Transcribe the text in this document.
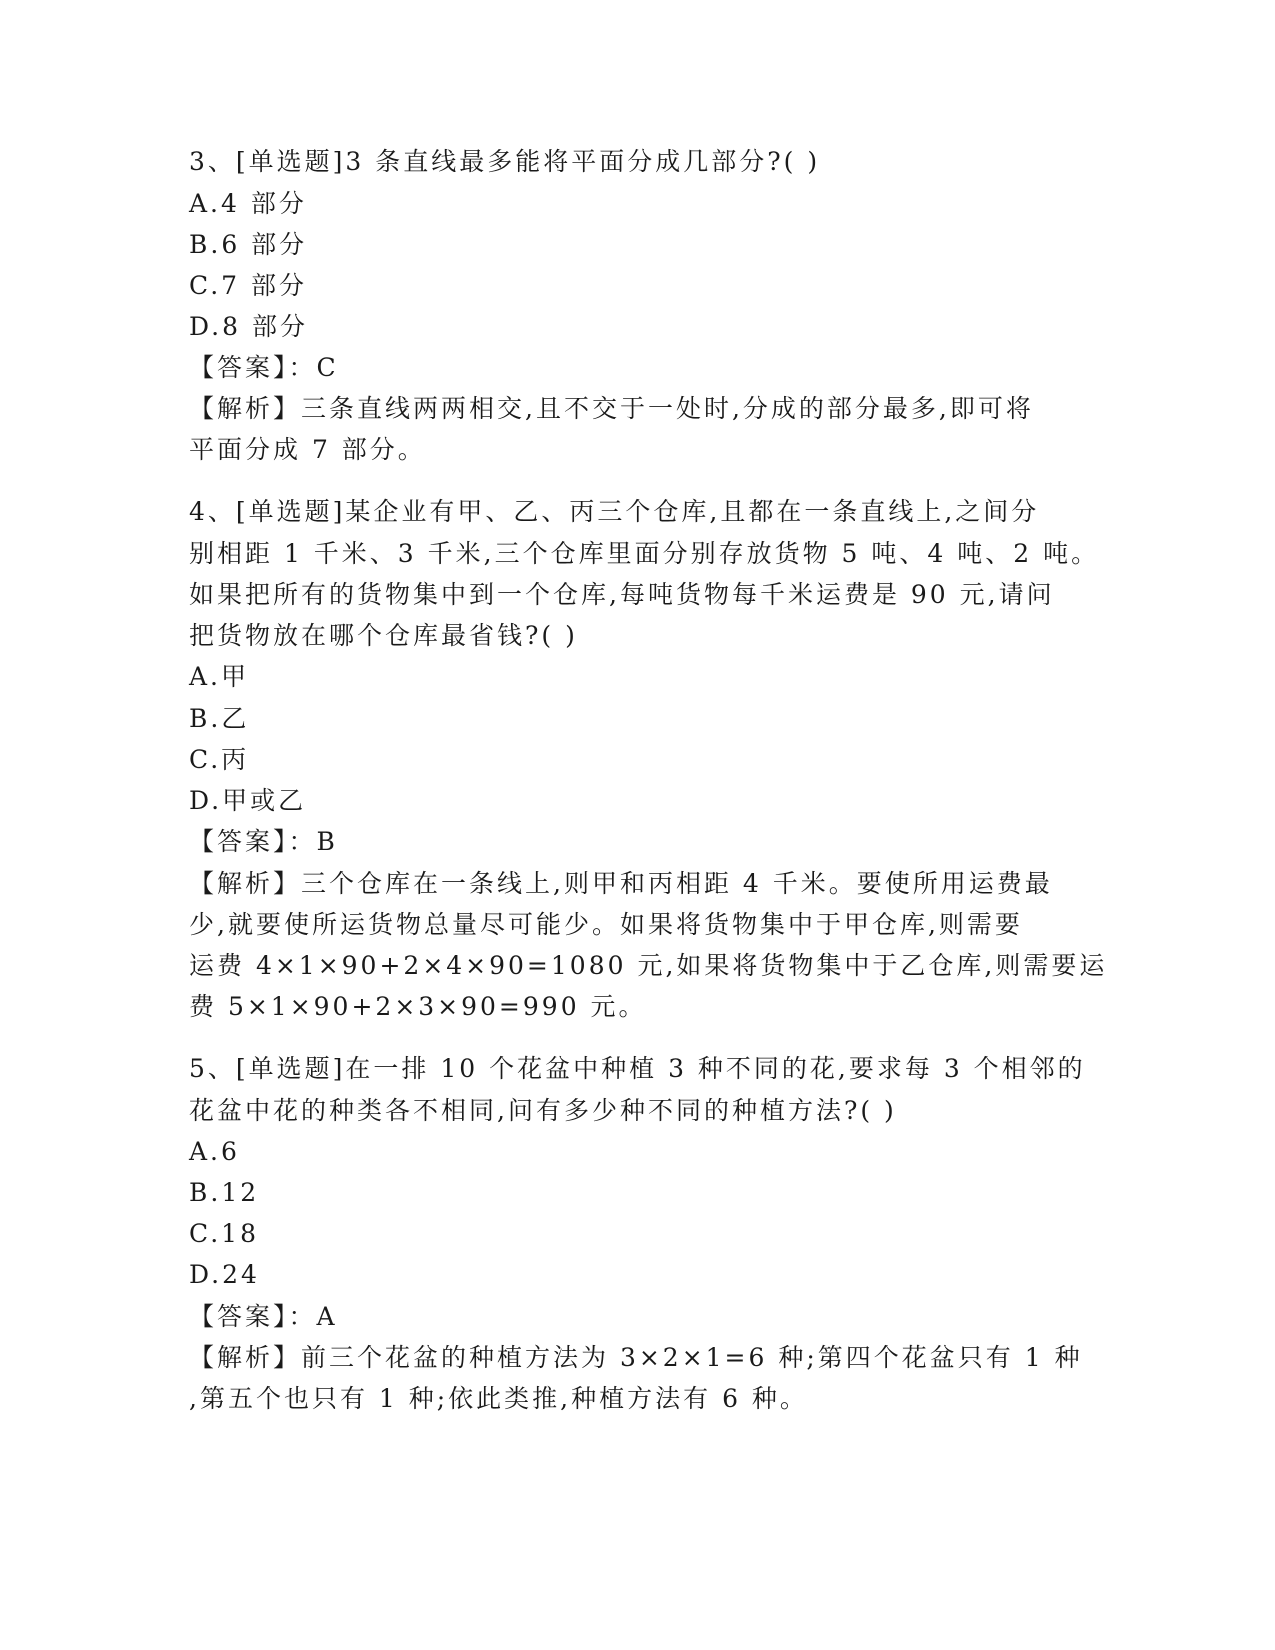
3、[单选题]3 条直线最多能将平面分成几部分?( )
A.4 部分
B.6 部分
C.7 部分
D.8 部分
【答案】：C
【解析】三条直线两两相交,且不交于一处时,分成的部分最多,即可将
平面分成 7 部分。
4、[单选题]某企业有甲、乙、丙三个仓库,且都在一条直线上,之间分
别相距 1 千米、3 千米,三个仓库里面分别存放货物 5 吨、4 吨、2 吨。
如果把所有的货物集中到一个仓库,每吨货物每千米运费是 90 元,请问
把货物放在哪个仓库最省钱?( )
A.甲
B.乙
C.丙
D.甲或乙
【答案】：B
【解析】三个仓库在一条线上,则甲和丙相距 4 千米。要使所用运费最
少,就要使所运货物总量尽可能少。如果将货物集中于甲仓库,则需要
运费 4×1×90+2×4×90=1080 元,如果将货物集中于乙仓库,则需要运
费 5×1×90+2×3×90=990 元。
5、[单选题]在一排 10 个花盆中种植 3 种不同的花,要求每 3 个相邻的
花盆中花的种类各不相同,问有多少种不同的种植方法?( )
A.6
B.12
C.18
D.24
【答案】：A
【解析】前三个花盆的种植方法为 3×2×1=6 种;第四个花盆只有 1 种
,第五个也只有 1 种;依此类推,种植方法有 6 种。
